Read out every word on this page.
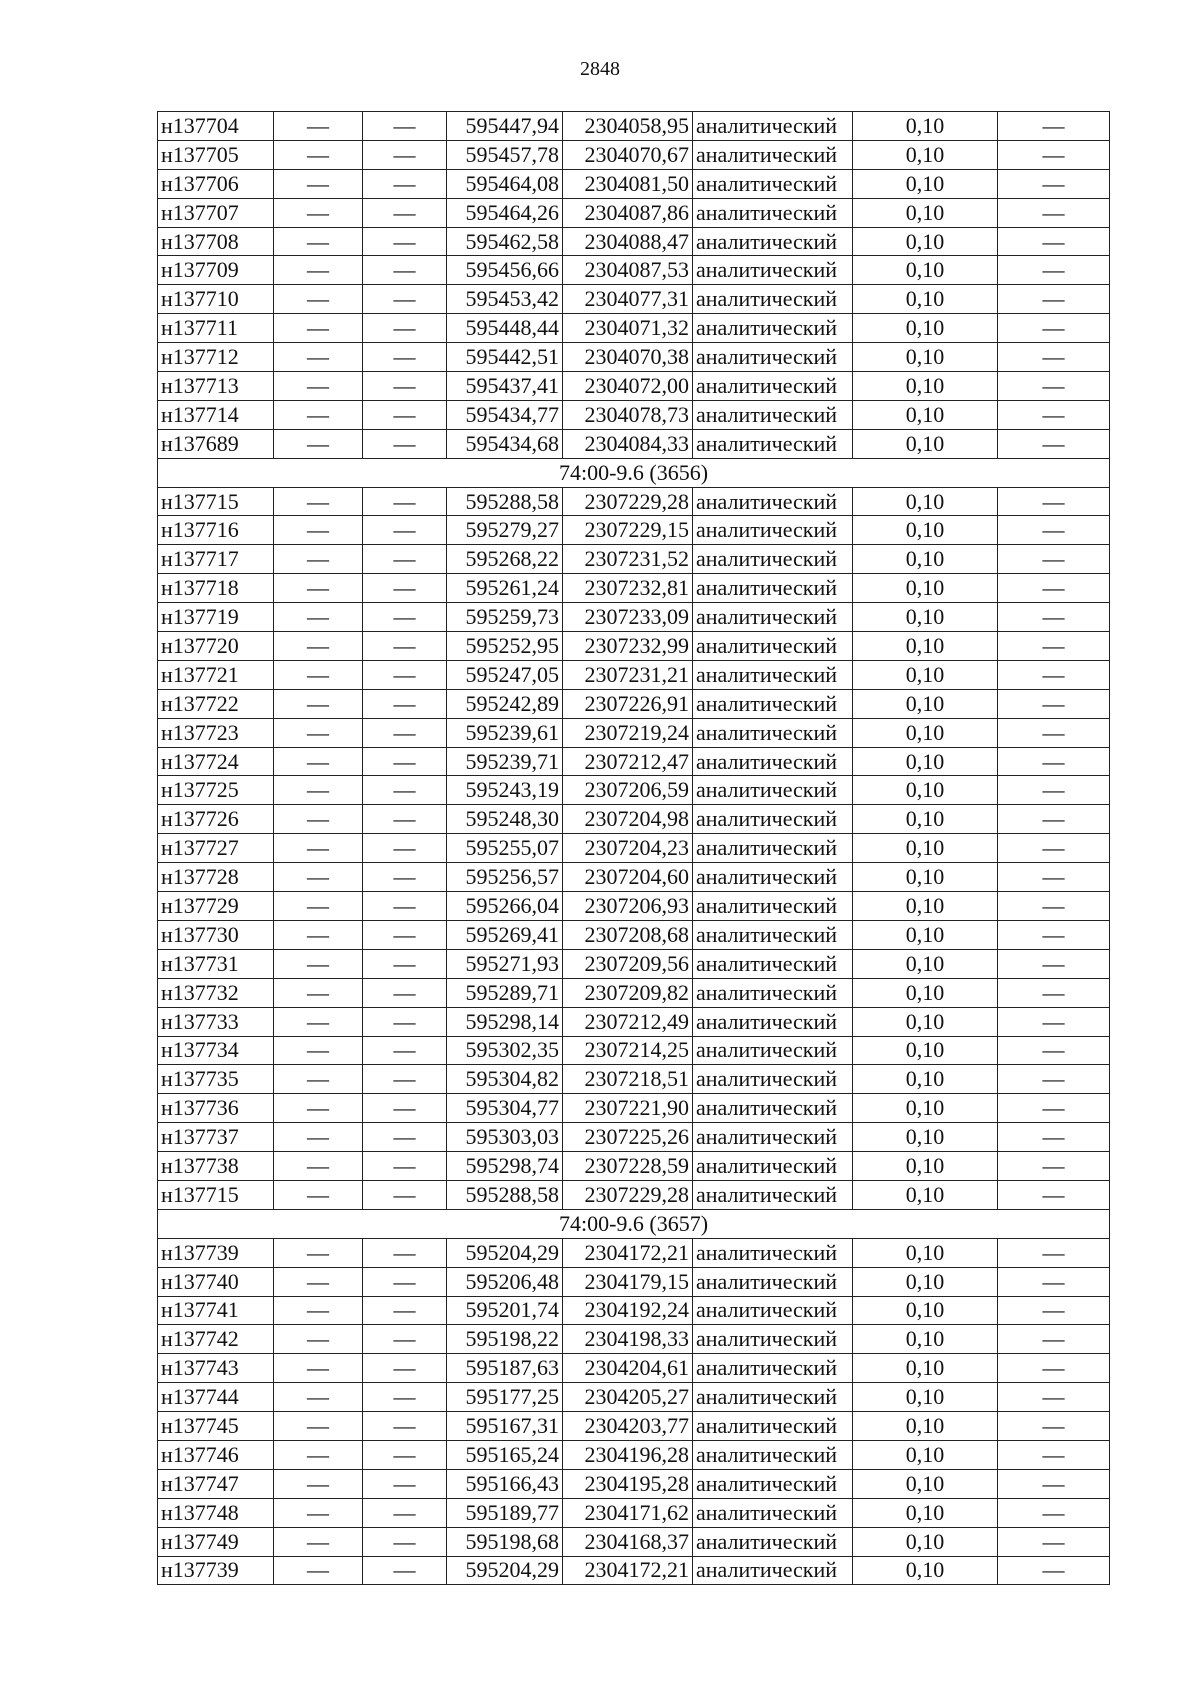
2848
н137704	—	—	595447,94	2304058,95	аналитический	0,10	—
н137705	—	—	595457,78	2304070,67	аналитический	0,10	—
н137706	—	—	595464,08	2304081,50	аналитический	0,10	—
н137707	—	—	595464,26	2304087,86	аналитический	0,10	—
н137708	—	—	595462,58	2304088,47	аналитический	0,10	—
н137709	—	—	595456,66	2304087,53	аналитический	0,10	—
н137710	—	—	595453,42	2304077,31	аналитический	0,10	—
н137711	—	—	595448,44	2304071,32	аналитический	0,10	—
н137712	—	—	595442,51	2304070,38	аналитический	0,10	—
н137713	—	—	595437,41	2304072,00	аналитический	0,10	—
н137714	—	—	595434,77	2304078,73	аналитический	0,10	—
н137689	—	—	595434,68	2304084,33	аналитический	0,10	—
74:00-9.6 (3656)							
н137715	—	—	595288,58	2307229,28	аналитический	0,10	—
н137716	—	—	595279,27	2307229,15	аналитический	0,10	—
н137717	—	—	595268,22	2307231,52	аналитический	0,10	—
н137718	—	—	595261,24	2307232,81	аналитический	0,10	—
н137719	—	—	595259,73	2307233,09	аналитический	0,10	—
н137720	—	—	595252,95	2307232,99	аналитический	0,10	—
н137721	—	—	595247,05	2307231,21	аналитический	0,10	—
н137722	—	—	595242,89	2307226,91	аналитический	0,10	—
н137723	—	—	595239,61	2307219,24	аналитический	0,10	—
н137724	—	—	595239,71	2307212,47	аналитический	0,10	—
н137725	—	—	595243,19	2307206,59	аналитический	0,10	—
н137726	—	—	595248,30	2307204,98	аналитический	0,10	—
н137727	—	—	595255,07	2307204,23	аналитический	0,10	—
н137728	—	—	595256,57	2307204,60	аналитический	0,10	—
н137729	—	—	595266,04	2307206,93	аналитический	0,10	—
н137730	—	—	595269,41	2307208,68	аналитический	0,10	—
н137731	—	—	595271,93	2307209,56	аналитический	0,10	—
н137732	—	—	595289,71	2307209,82	аналитический	0,10	—
н137733	—	—	595298,14	2307212,49	аналитический	0,10	—
н137734	—	—	595302,35	2307214,25	аналитический	0,10	—
н137735	—	—	595304,82	2307218,51	аналитический	0,10	—
н137736	—	—	595304,77	2307221,90	аналитический	0,10	—
н137737	—	—	595303,03	2307225,26	аналитический	0,10	—
н137738	—	—	595298,74	2307228,59	аналитический	0,10	—
н137715	—	—	595288,58	2307229,28	аналитический	0,10	—
74:00-9.6 (3657)							
н137739	—	—	595204,29	2304172,21	аналитический	0,10	—
н137740	—	—	595206,48	2304179,15	аналитический	0,10	—
н137741	—	—	595201,74	2304192,24	аналитический	0,10	—
н137742	—	—	595198,22	2304198,33	аналитический	0,10	—
н137743	—	—	595187,63	2304204,61	аналитический	0,10	—
н137744	—	—	595177,25	2304205,27	аналитический	0,10	—
н137745	—	—	595167,31	2304203,77	аналитический	0,10	—
н137746	—	—	595165,24	2304196,28	аналитический	0,10	—
н137747	—	—	595166,43	2304195,28	аналитический	0,10	—
н137748	—	—	595189,77	2304171,62	аналитический	0,10	—
н137749	—	—	595198,68	2304168,37	аналитический	0,10	—
н137739	—	—	595204,29	2304172,21	аналитический	0,10	—
